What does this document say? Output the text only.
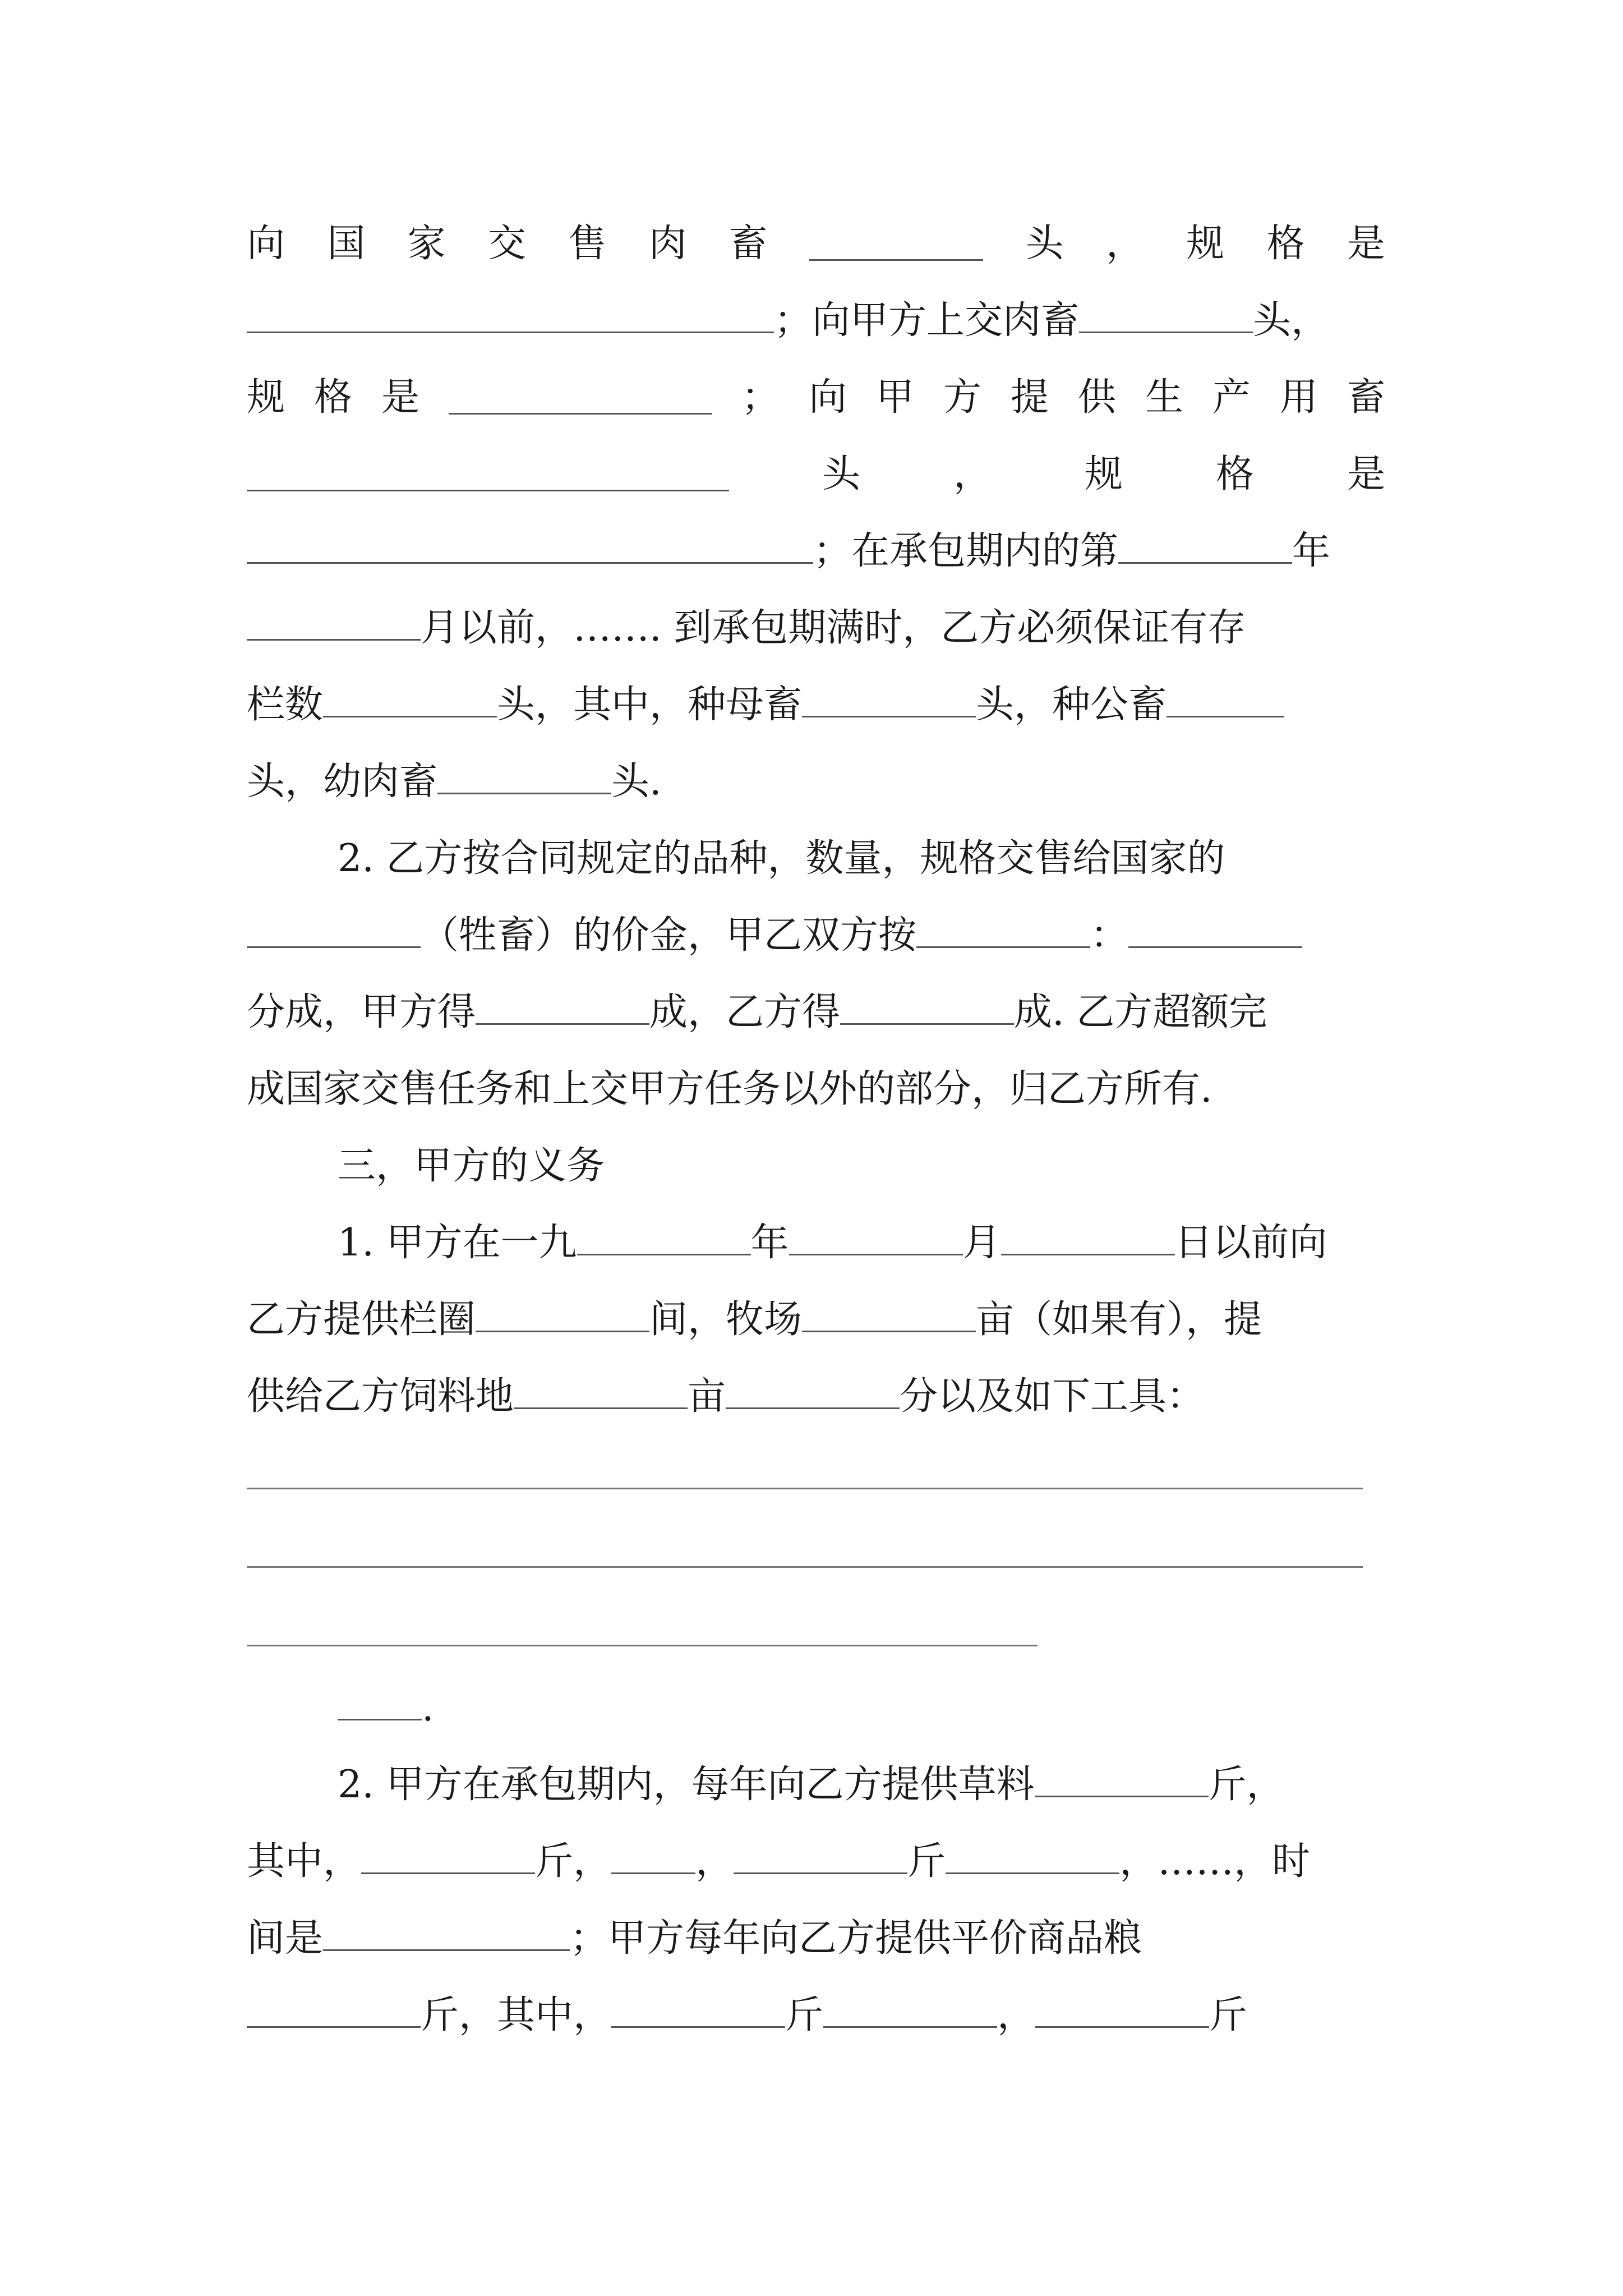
向 国 家 交 售 肉 畜	头 ， 规 格 是
；向甲方上交肉畜	头，
规 格 是	； 向 甲 方 提 供 生 产 用 畜
头 ， 规 格 是
；在承包期内的第	年
月以前，……. 到承包期满时，乙方必须保证有存
栏数	头，其中，种母畜	头，种公畜
头，幼肉畜	头.
2. 乙方按合同规定的品种，数量，规格交售给国家的
（牲畜）的价金，甲乙双方按	：
分成，甲方得	成，乙方得	成. 乙方超额完
成国家交售任务和上交甲方任务以外的部分，归乙方所有.
三，甲方的义务
1. 甲方在一九	年	月	日以前向
乙方提供栏圈	间，牧场	亩（如果有），提
供给乙方饲料地	亩	分以及如下工具：
.
2. 甲方在承包期内，每年向乙方提供草料	斤，
其中，	斤， ，	斤	，……，时
间是	；甲方每年向乙方提供平价商品粮
斤，其中，	斤	，	斤
